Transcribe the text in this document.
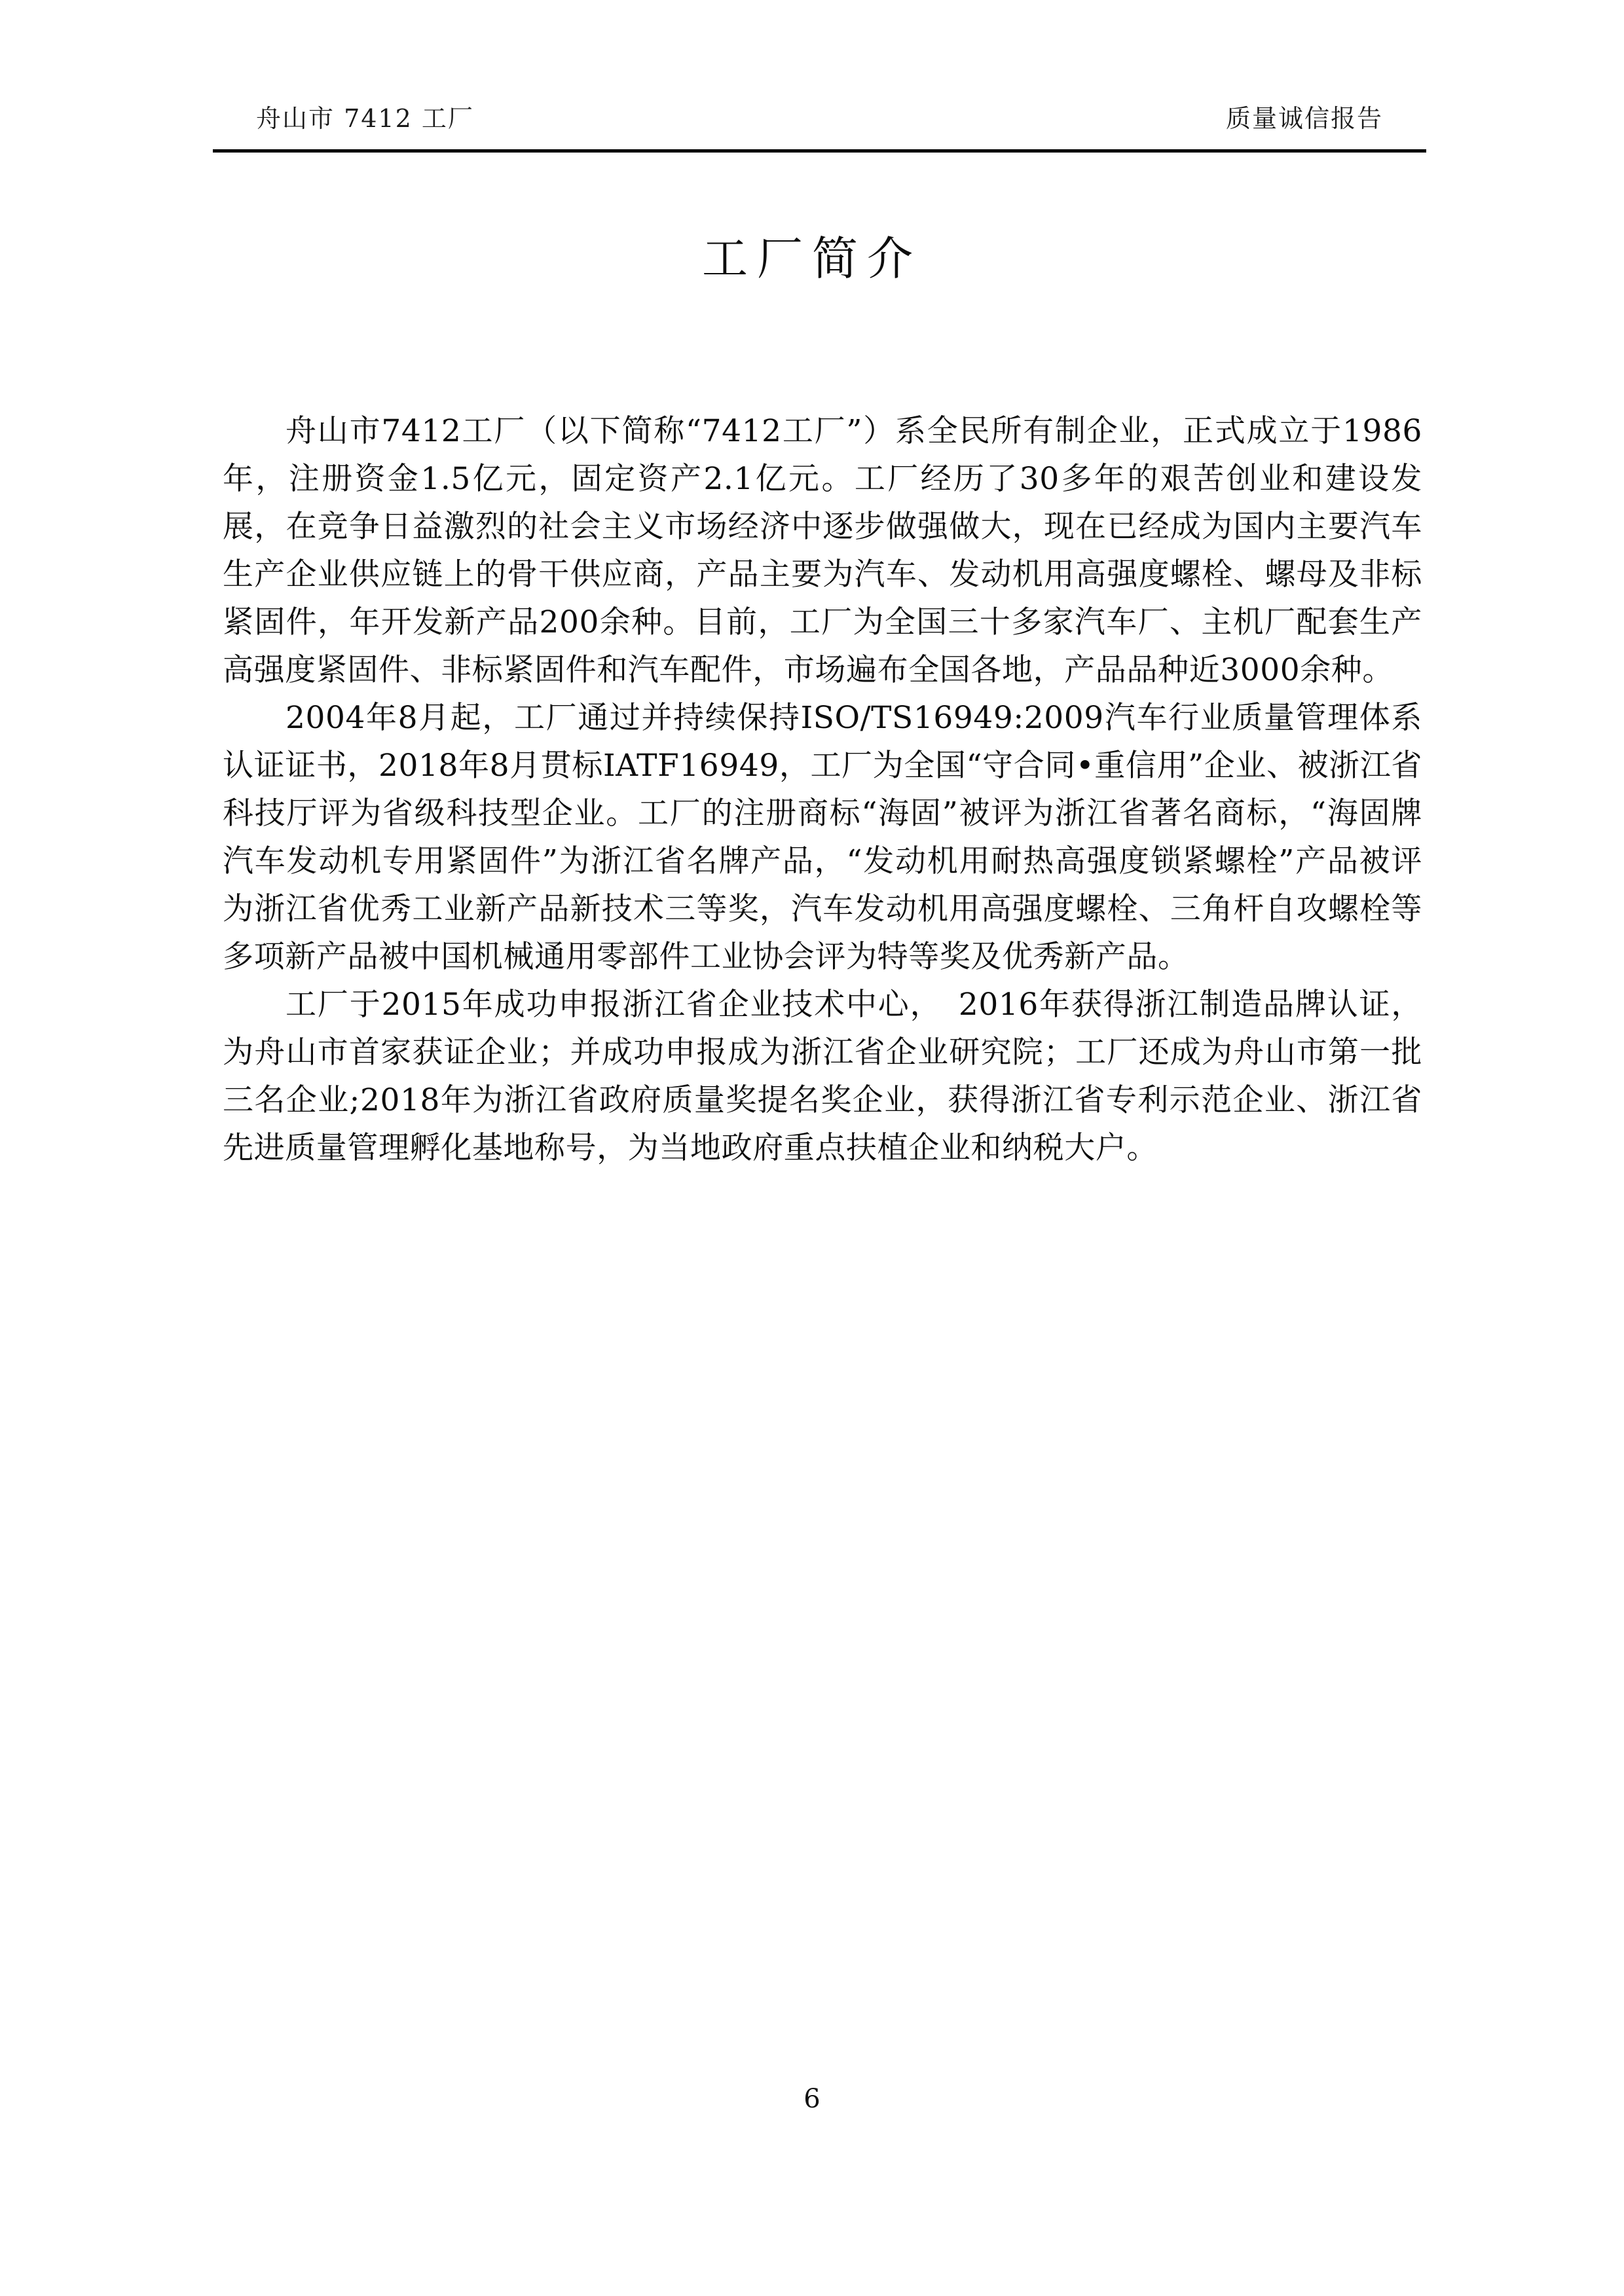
舟山市 7412 工厂	质量诚信报告
工厂简介

舟山市7412工厂（以下简称“7412工厂”）系全民所有制企业，正式成立于1986年，注册资金1.5亿元，固定资产2.1亿元。工厂经历了30多年的艰苦创业和建设发展，在竞争日益激烈的社会主义市场经济中逐步做强做大，现在已经成为国内主要汽车生产企业供应链上的骨干供应商，产品主要为汽车、发动机用高强度螺栓、螺母及非标紧固件，年开发新产品200余种。目前，工厂为全国三十多家汽车厂、主机厂配套生产高强度紧固件、非标紧固件和汽车配件，市场遍布全国各地，产品品种近3000余种。

2004年8月起，工厂通过并持续保持ISO/TS16949:2009汽车行业质量管理体系认证证书，2018年8月贯标IATF16949，工厂为全国“守合同•重信用”企业、被浙江省科技厅评为省级科技型企业。工厂的注册商标“海固”被评为浙江省著名商标，“海固牌汽车发动机专用紧固件”为浙江省名牌产品，“发动机用耐热高强度锁紧螺栓”产品被评为浙江省优秀工业新产品新技术三等奖，汽车发动机用高强度螺栓、三角杆自攻螺栓等多项新产品被中国机械通用零部件工业协会评为特等奖及优秀新产品。

工厂于2015年成功申报浙江省企业技术中心，　2016年获得浙江制造品牌认证，为舟山市首家获证企业；并成功申报成为浙江省企业研究院；工厂还成为舟山市第一批三名企业;2018年为浙江省政府质量奖提名奖企业，获得浙江省专利示范企业、浙江省先进质量管理孵化基地称号，为当地政府重点扶植企业和纳税大户。

6
